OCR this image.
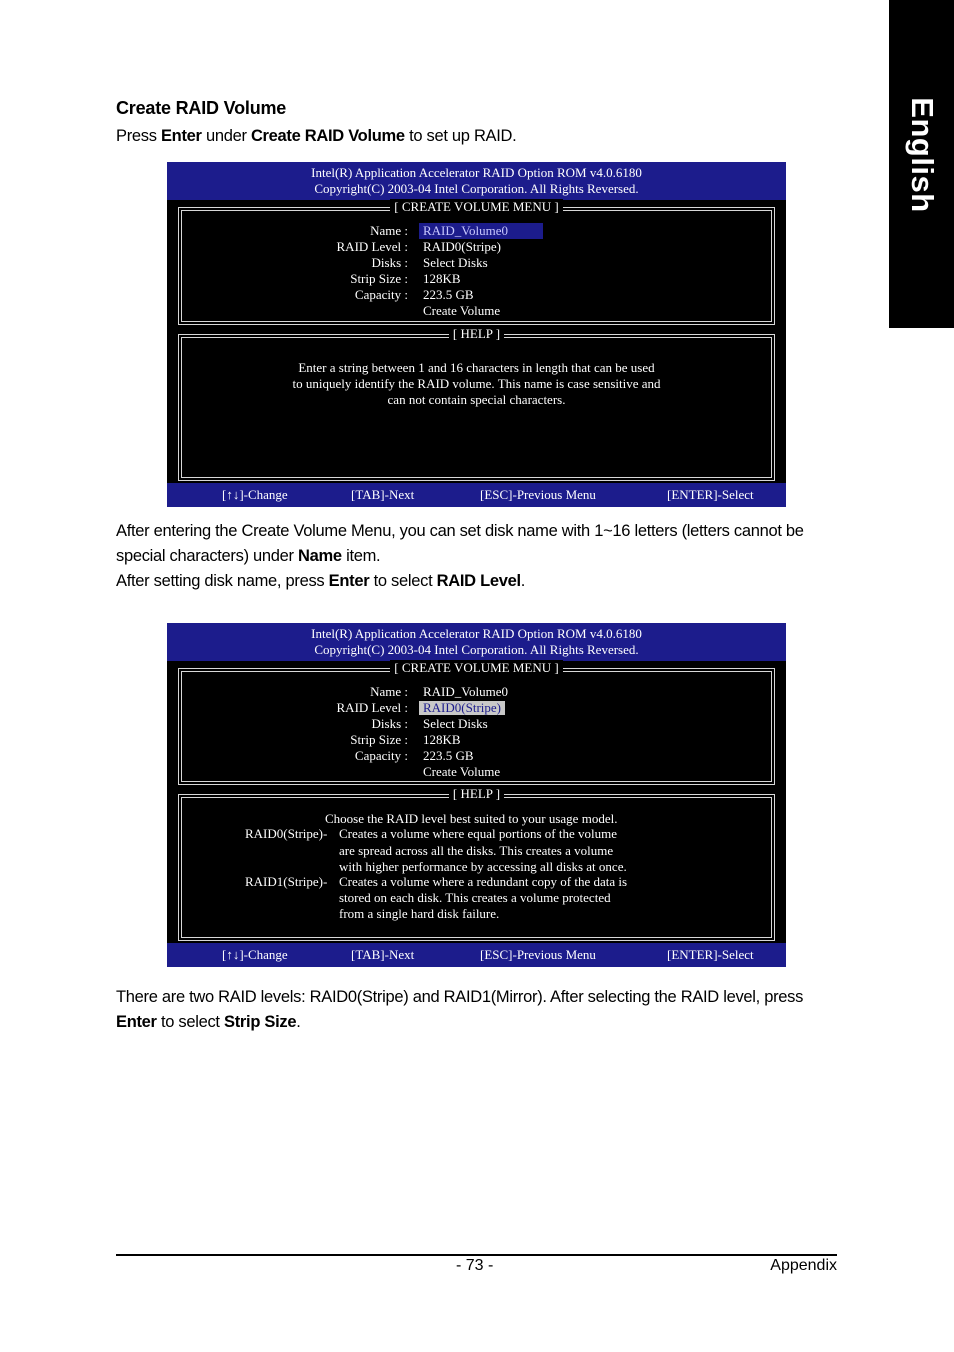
English
Create RAID Volume

Press Enter under Create RAID Volume to set up RAID.

Intel(R) Application Accelerator RAID Option ROM v4.0.6180
Copyright(C) 2003-04 Intel Corporation. All Rights Reversed.
[ CREATE VOLUME MENU ]
Name :	RAID_Volume0
RAID Level : RAID0(Stripe)
Disks : Select Disks
Strip Size : 128KB
Capacity : 223.5 GB
Create Volume
[ HELP ]
Enter a string between 1 and 16 characters in length that can be used
to uniquely identify the RAID volume. This name is case sensitive and
can not contain special characters.
[↑↓]-Change	[TAB]-Next	[ESC]-Previous Menu	[ENTER]-Select

After entering the Create Volume Menu, you can set disk name with 1~16 letters (letters cannot be special characters) under Name item.

After setting disk name, press Enter to select RAID Level.

Intel(R) Application Accelerator RAID Option ROM v4.0.6180
Copyright(C) 2003-04 Intel Corporation. All Rights Reversed.
[ CREATE VOLUME MENU ]
Name : RAID_Volume0
RAID Level :	RAID0(Stripe)
Disks : Select Disks
Strip Size : 128KB
Capacity : 223.5 GB
Create Volume
[ HELP ]
Choose the RAID level best suited to your usage model.
RAID0(Stripe)- Creates a volume where equal portions of the volume
are spread across all the disks. This creates a volume
with higher performance by accessing all disks at once.
RAID1(Stripe)- Creates a volume where a redundant copy of the data is
stored on each disk. This creates a volume protected
from a single hard disk failure.
[↑↓]-Change	[TAB]-Next	[ESC]-Previous Menu	[ENTER]-Select

There are two RAID levels: RAID0(Stripe) and RAID1(Mirror). After selecting the RAID level, press Enter to select Strip Size.

- 73 -	Appendix
